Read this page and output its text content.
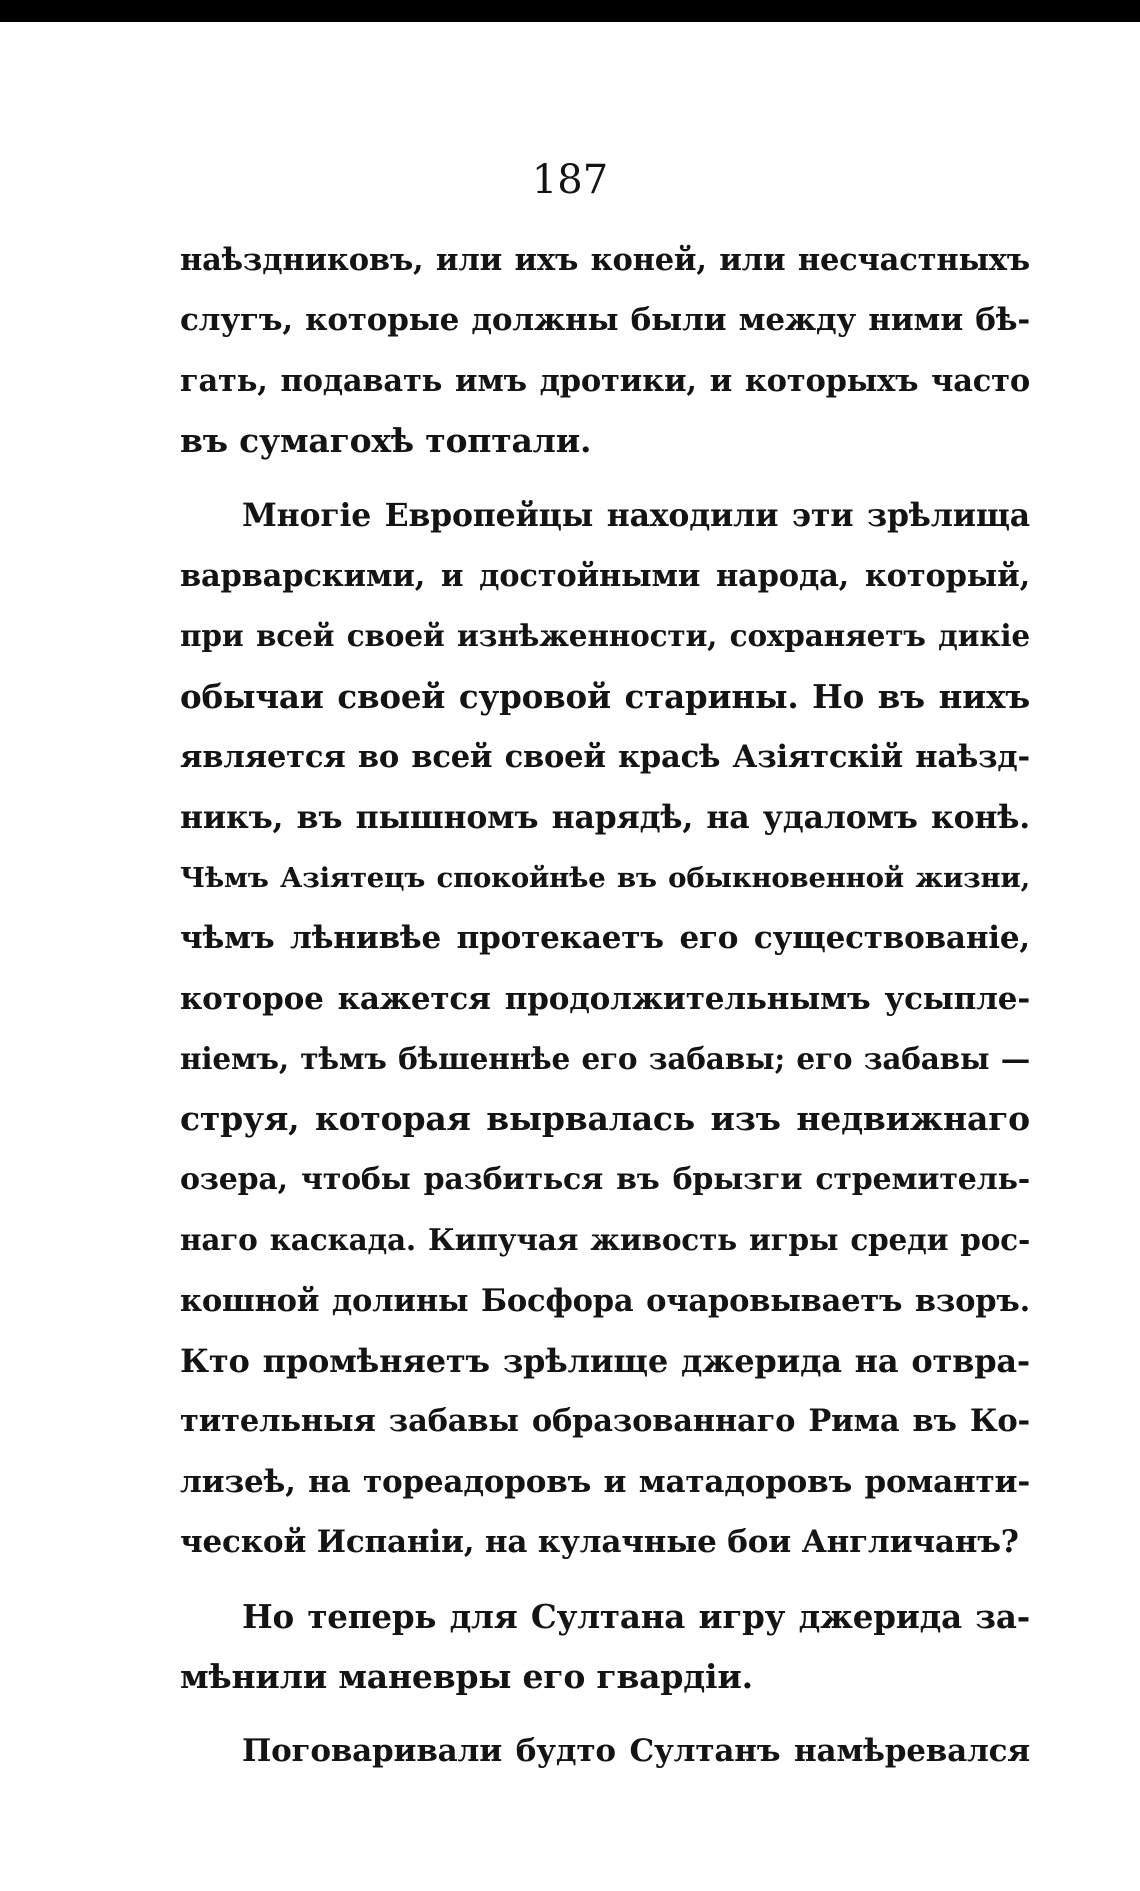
187
наѣздниковъ, или ихъ коней, или несчастныхъ
слугъ, которые должны были между ними бѣ-
гать, подавать имъ дротики, и которыхъ часто
въ сумагохѣ топтали.
Многіе Европейцы находили эти зрѣлища
варварскими, и достойными народа, который,
при всей своей изнѣженности, сохраняетъ дикіе
обычаи своей суровой старины. Но въ нихъ
является во всей своей красѣ Азіятскій наѣзд-
никъ, въ пышномъ нарядѣ, на удаломъ конѣ.
Чѣмъ Азіятецъ спокойнѣе въ обыкновенной жизни,
чѣмъ лѣнивѣе протекаетъ его существованіе,
которое кажется продолжительнымъ усыпле-
ніемъ, тѣмъ бѣшеннѣе его забавы; его забавы —
струя, которая вырвалась изъ недвижнаго
озера, чтобы разбиться въ брызги стремитель-
наго каскада. Кипучая живость игры среди рос-
кошной долины Босфора очаровываетъ взоръ.
Кто промѣняетъ зрѣлище джерида на отвра-
тительныя забавы образованнаго Рима въ Ко-
лизеѣ, на тореадоровъ и матадоровъ романти-
ческой Испаніи, на кулачные бои Англичанъ?
Но теперь для Султана игру джерида за-
мѣнили маневры его гвардіи.
Поговаривали будто Султанъ намѣревался
